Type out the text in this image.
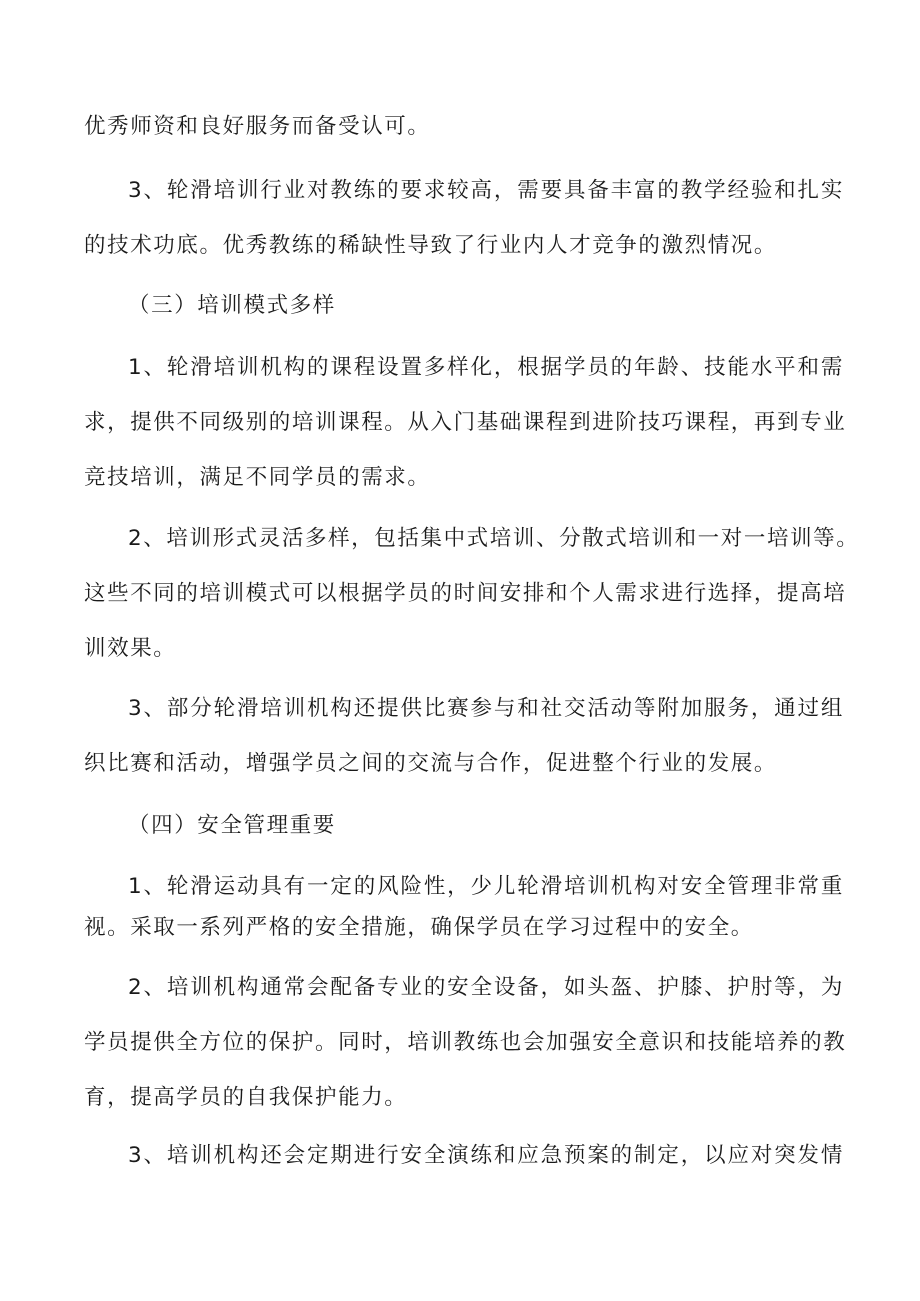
优秀师资和良好服务而备受认可。
3、轮滑培训行业对教练的要求较高，需要具备丰富的教学经验和扎实
的技术功底。优秀教练的稀缺性导致了行业内人才竞争的激烈情况。
（三）培训模式多样
1、轮滑培训机构的课程设置多样化，根据学员的年龄、技能水平和需
求，提供不同级别的培训课程。从入门基础课程到进阶技巧课程，再到专业
竞技培训，满足不同学员的需求。
2、培训形式灵活多样，包括集中式培训、分散式培训和一对一培训等。
这些不同的培训模式可以根据学员的时间安排和个人需求进行选择，提高培
训效果。
3、部分轮滑培训机构还提供比赛参与和社交活动等附加服务，通过组
织比赛和活动，增强学员之间的交流与合作，促进整个行业的发展。
（四）安全管理重要
1、轮滑运动具有一定的风险性，少儿轮滑培训机构对安全管理非常重
视。采取一系列严格的安全措施，确保学员在学习过程中的安全。
2、培训机构通常会配备专业的安全设备，如头盔、护膝、护肘等，为
学员提供全方位的保护。同时，培训教练也会加强安全意识和技能培养的教
育，提高学员的自我保护能力。
3、培训机构还会定期进行安全演练和应急预案的制定，以应对突发情
